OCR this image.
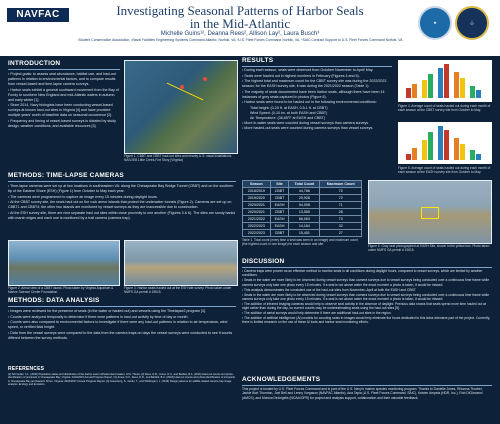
NAVFAC	Investigating Seasonal Patterns of Harbor Seals
in the Mid-Atlantic
Michelle Guins¹², Deanna Rees², Allison Lay², Laura Busch³
¹Student Conservation Association, ²Naval Facilities Engineering Systems Command Atlantic, Norfolk, VA, ³U.S. Fleet Forces Command Norfolk, VA, ⁴SAIC Contract Support to U.S. Fleet Forces Command Norfolk, VA
★	⚓
INTRODUCTION

• Project goals: to assess seal abundance, habitat use, and haul-out patterns in relation to environmental factors, and to compare results from vessel-based and time-lapse camera surveys.

• Harbor seals exhibit a general southward movement from the Bay of Fundy to southern New England and mid-Atlantic waters in autumn and early winter [1].

• Since 2014, Navy biologists have been conducting vessel-based surveys at known haul-out sites in Virginia [4] and have provided multiple years' worth of baseline data on seasonal occurrence [2].

• Frequency and timing of vessel-based surveys is dictated by study design, weather conditions, and available resources [3].

Figure 1. CBBT and CBBT haul-out sites and nearby U.S. naval installations. NAS/JEB Little Creek-Fort Story (Virginia)
METHODS: TIME-LAPSE CAMERAS

• Time-lapse cameras were set up at two locations in southeastern VA: along the Chesapeake Bay Bridge Tunnel (CBBT) and on the southern tip of the Eastern Shore (ESH) (Figure 1) from October to May each year.

• The cameras were programmed to capture an image every 15 minutes during daylight hours.

• At the CBBT survey site, the seals haul out on the rock armor islands that protect the underwater tunnels (Figure 2). Cameras are set up on CBBT1 and CBBT4; the other two islands are monitored by vessel surveys as they are inaccessible due to construction.

• At the ESH survey site, there are nine separate haul out sites within close proximity to one another (Figures 3 & 6). The sites are sandy banks with marsh edges and each one is monitored by a trail camera (camera trap).

Figure 2. Aerial view of a CBBT island. Photo taken by Virginia Aquarium & Marine Science Center Foundation.
Figure 3. Harbor seals hauled out at the ESH site survey. Photo taken under NMFS GA permit # 19615.
METHODS: DATA ANALYSIS

• Images were reviewed for the presence of seals (in the water or hauled out) and vessels using the Timelapse2 program [4].

• Counts were analyzed temporally to determine if there were patterns in haul-out activity by time of day or month.

• Counts were also compared to environmental factors to investigate if there were any haul-out patterns in relation to air temperature, wind speed, or verified tidal height.

• Data from the vessel surveys were compared to the data from the camera traps on days the vessel surveys were conducted to see if counts differed between the survey methods.

REFERENCES
[1] Schroeder, C.L. (2000) Population status and distribution of the harbor seal in Rhode Island waters. M.S. Thesis. [2] Rees, D.R., Jones, D.V., and Bartlett, B.A. (2016) Haul-out counts and photo-identification of pinnipeds in Chesapeake Bay, Virginia: 2014/2015 Annual Progress Report. [3] Jones, D.V., Rees, D.R., and Bartlett, B.A. (2018) Haul-out counts and photo-identification of pinnipeds in Chesapeake Bay and Eastern Shore, Virginia: 2016/2017 Annual Progress Report. [4] Greenberg, S., Godin, T., and Whittington, J. (2019) Design patterns for wildlife-related camera trap image analysis. Ecology and Evolution.
RESULTS

• During each season, seals were observed from October/ November to April/ May.

• Seals were hauled out in highest numbers in February (Figures 4 and 5).

• The highest total and maximum count for the CBBT survey site was during the 2022/2023 season; for the EASH survey site, it was during the 2021/2022 season (Table 1).

• The majority of seals documented have been harbor seals, although there have been 14 instances of grey seals captured in photos (Figure 6).

• Harbor seals were found to be hauled out in the following environmental conditions:

Tidal height: (0-20 ft. at EASH, 0.5-1 ft. at CBBT)

Wind Speed: (0-10 kn. at both EASH and CBBT)

Air Temperature: (36-65°F at EASH and CBBT)

• More in-water seals were counted during vessel surveys than camera surveys.

• More hauled-out seals were counted during camera surveys than vessel surveys.

Figure 4. Average count of seals hauled out during each month of each season at the CBBT survey site from October to May.
Figure 5. Average count of seals hauled out during each month of each season at the EASH survey site from October to May.
Season	Site	Total Count	Maximum Count
2018/2019	CBBT	44,766	72
2019/2020	CBBT	29,928	72
2020/2021	EASH	54,008	71
2020/2021	CBBT	13,555	28
2021/2022	EASH	66,063	73
2022/2023	EASH	14,164	32
2022/2023	CBBT	15,451	27
Table 1. Total count (every time a seal was seen in an image) and maximum count (the highest count in one image) for each season and site.	Figure 6. Gray seal photographed at EASH Site, shown in the yellow box. Photo taken under NMFS GA permit # 19615.
DISCUSSION

• Camera traps were proven as an effective method to monitor seals in all conditions during daylight hours, compared to vessel surveys, which are limited by weather conditions.

• Seals in the water are more likely to be observed during vessel surveys than camera surveys due to vessel surveys being conducted over a continuous time frame while camera surveys only take one photo every 15 minutes. If a seal is not above water the exact moment a photo is taken, it would be missed.

• This analysis demonstrates the consistent use of the haul-out sites from November–April at both the EASH and CBBT.

• Seals in the water are more likely to be observed during vessel surveys than camera surveys due to vessel surveys being conducted over a continuous time frame while camera surveys only take one photo every 15 minutes. If a seal is not above water the exact moment a photo is taken, it would be missed.

• The addition of infrared imaging cameras would help to observe seal activity in the absence of daylight. Previous data shows that seals spend more time hauled out at night rather than during the day, so current counts may be underestimating seals using the haul-out sites [5].

• The addition of aerial surveys would help determine if there are additional haul-out sites in the region.

• The addition of artificial intelligence (AI) models for counting seals in images would help eliminate the hours dedicated to this labor-intensive part of the project. Currently, there is limited research on the use of these AI tools and harbor seal monitoring efforts.

ACKNOWLEDGEMENTS
This project is funded by U.S. Fleet Forces Command and is part of the U.S. Navy's marine species monitoring program. Thanks to Danielle Jones, Rhianna Thurber, Jackie Bort Thornton, Joel Bell and Lenny Vurgason (NAVFAC Atlantic), Ana Tapia (U.S. Fleet Forces Command, SAIC), Kristen Ampela (HDR, Inc.), Rob DiGiovanni (AMCS), and Monica DeAngelis (NOAA/OPR) for project and analysis support, collaboration and their valuable feedback.
